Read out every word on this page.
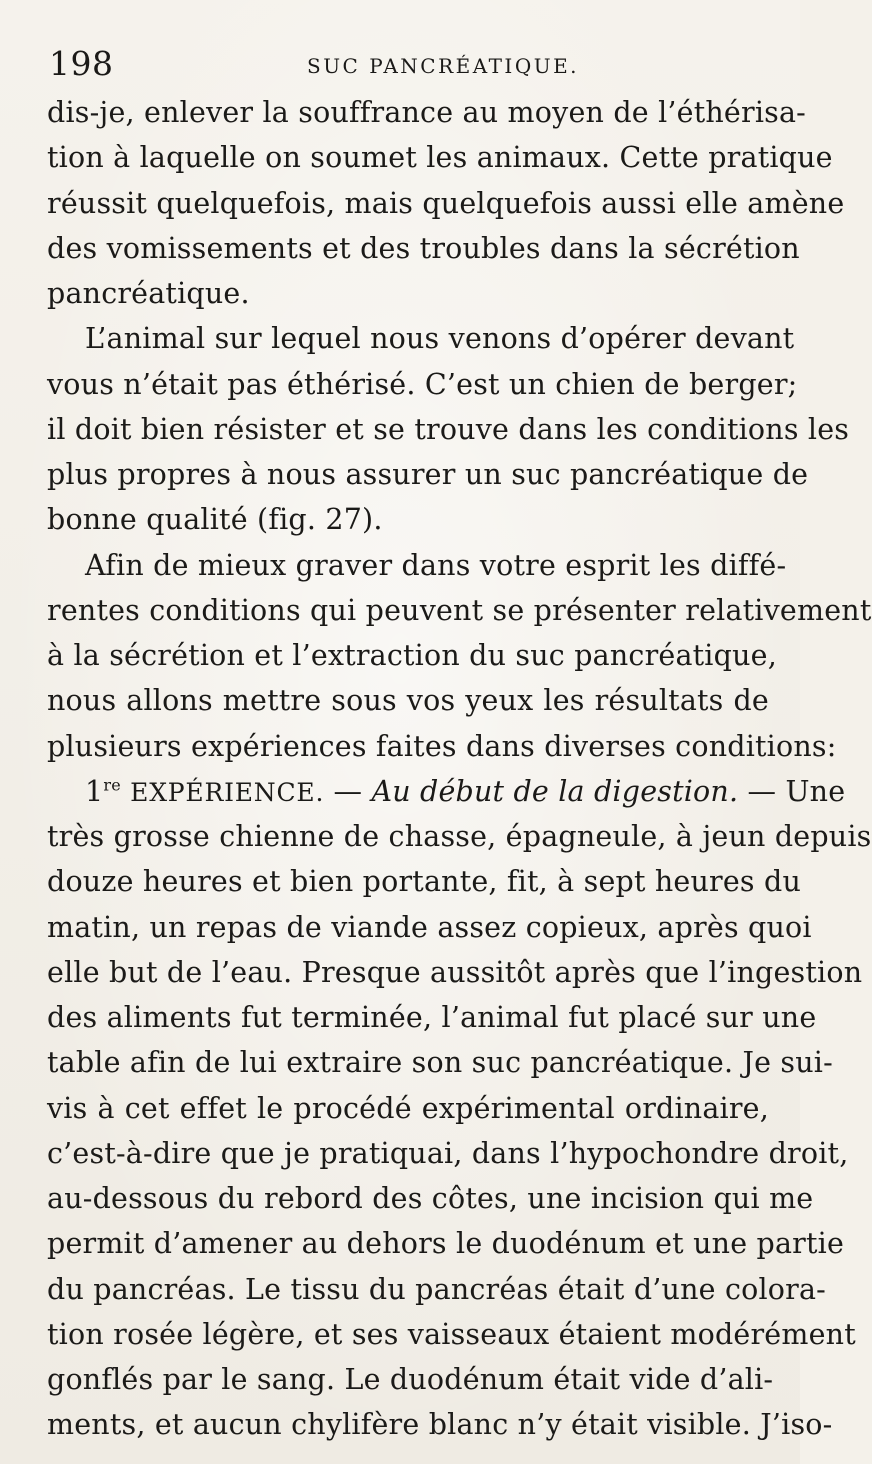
198	SUC PANCRÉATIQUE.
dis-je, enlever la souffrance au moyen de l’éthérisa-
tion à laquelle on soumet les animaux. Cette pratique
réussit quelquefois, mais quelquefois aussi elle amène
des vomissements et des troubles dans la sécrétion
pancréatique.
L’animal sur lequel nous venons d’opérer devant
vous n’était pas éthérisé. C’est un chien de berger;
il doit bien résister et se trouve dans les conditions les
plus propres à nous assurer un suc pancréatique de
bonne qualité (fig. 27).
Afin de mieux graver dans votre esprit les diffé-
rentes conditions qui peuvent se présenter relativement
à la sécrétion et l’extraction du suc pancréatique,
nous allons mettre sous vos yeux les résultats de
plusieurs expériences faites dans diverses conditions:
1re EXPÉRIENCE. — Au début de la digestion. — Une
très grosse chienne de chasse, épagneule, à jeun depuis
douze heures et bien portante, fit, à sept heures du
matin, un repas de viande assez copieux, après quoi
elle but de l’eau. Presque aussitôt après que l’ingestion
des aliments fut terminée, l’animal fut placé sur une
table afin de lui extraire son suc pancréatique. Je sui-
vis à cet effet le procédé expérimental ordinaire,
c’est-à-dire que je pratiquai, dans l’hypochondre droit,
au-dessous du rebord des côtes, une incision qui me
permit d’amener au dehors le duodénum et une partie
du pancréas. Le tissu du pancréas était d’une colora-
tion rosée légère, et ses vaisseaux étaient modérément
gonflés par le sang. Le duodénum était vide d’ali-
ments, et aucun chylifère blanc n’y était visible. J’iso-
